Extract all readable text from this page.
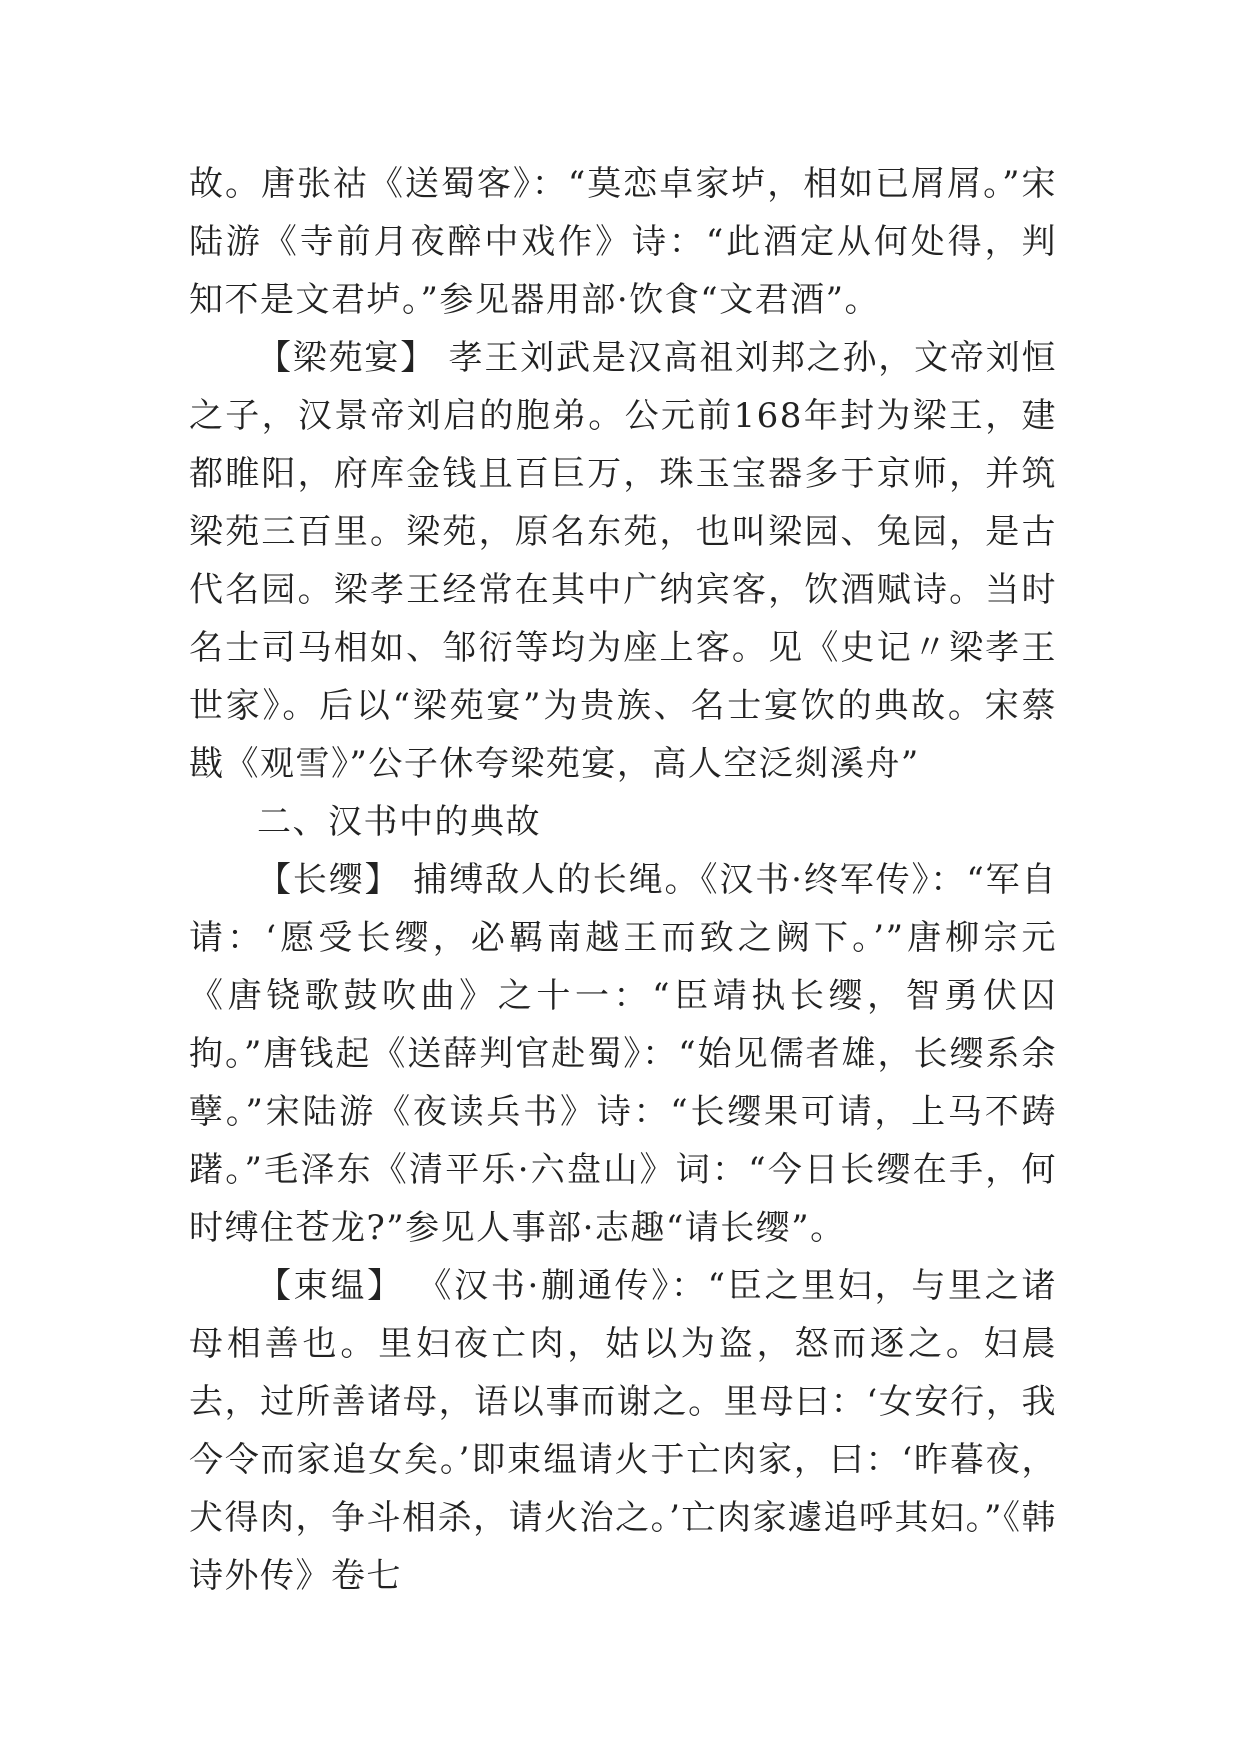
故。唐张祜《送蜀客》：“莫恋卓家垆，相如已屑屑。”宋陆游《寺前月夜醉中戏作》诗：“此酒定从何处得，判知不是文君垆。”参见器用部·饮食“文君酒”。

【梁苑宴】 孝王刘武是汉高祖刘邦之孙，文帝刘恒之子，汉景帝刘启的胞弟。公元前168年封为梁王，建都睢阳，府库金钱且百巨万，珠玉宝器多于京师，并筑梁苑三百里。梁苑，原名东苑，也叫梁园、兔园，是古代名园。梁孝王经常在其中广纳宾客，饮酒赋诗。当时名士司马相如、邹衍等均为座上客。见《史记〃梁孝王世家》。后以“梁苑宴”为贵族、名士宴饮的典故。宋蔡戡《观雪》”公子休夸梁苑宴，高人空泛剡溪舟”

二、汉书中的典故

【长缨】 捕缚敌人的长绳。《汉书·终军传》：“军自请：‘愿受长缨，必羁南越王而致之阙下。’”唐柳宗元《唐铙歌鼓吹曲》之十一：“臣靖执长缨，智勇伏囚拘。”唐钱起《送薛判官赴蜀》：“始见儒者雄，长缨系余孽。”宋陆游《夜读兵书》诗：“长缨果可请，上马不踌躇。”毛泽东《清平乐·六盘山》词：“今日长缨在手，何时缚住苍龙?”参见人事部·志趣“请长缨”。

【束缊】 《汉书·蒯通传》：“臣之里妇，与里之诸母相善也。里妇夜亡肉，姑以为盗，怒而逐之。妇晨去，过所善诸母，语以事而谢之。里母曰：‘女安行，我今令而家追女矣。’即束缊请火于亡肉家，曰：‘昨暮夜，犬得肉，争斗相杀，请火治之。’亡肉家遽追呼其妇。”《韩诗外传》卷七
